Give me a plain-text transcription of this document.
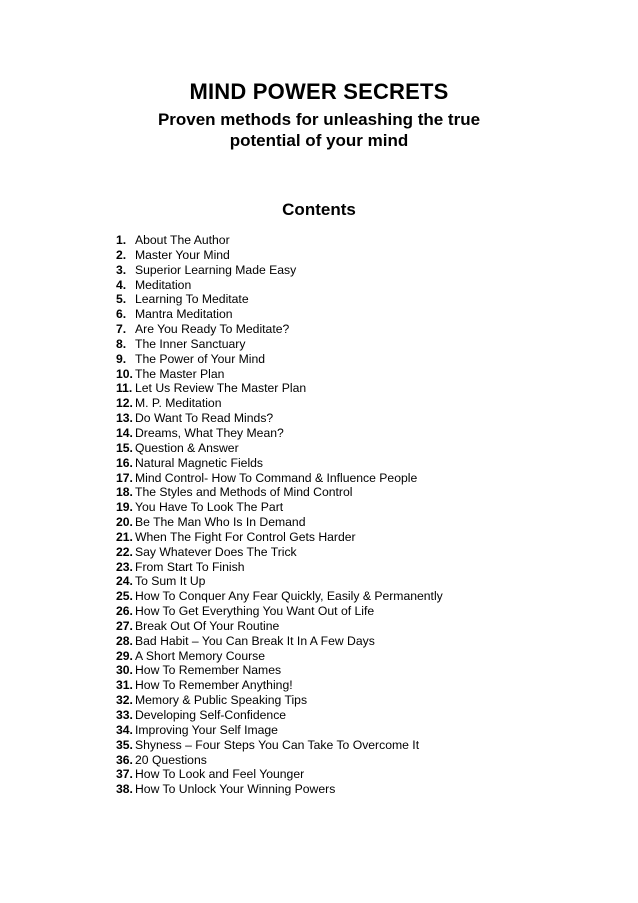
MIND POWER SECRETS
Proven methods for unleashing the true
potential of your mind
Contents
1. About The Author
2. Master Your Mind
3. Superior Learning Made Easy
4. Meditation
5. Learning To Meditate
6. Mantra Meditation
7. Are You Ready To Meditate?
8. The Inner Sanctuary
9. The Power of Your Mind
10. The Master Plan
11. Let Us Review The Master Plan
12. M. P. Meditation
13. Do Want To Read Minds?
14. Dreams, What They Mean?
15. Question & Answer
16. Natural Magnetic Fields
17. Mind Control- How To Command & Influence People
18. The Styles and Methods of Mind Control
19. You Have To Look The Part
20. Be The Man Who Is In Demand
21. When The Fight For Control Gets Harder
22. Say Whatever Does The Trick
23. From Start To Finish
24. To Sum It Up
25. How To Conquer Any Fear Quickly, Easily & Permanently
26. How To Get Everything You Want Out of Life
27. Break Out Of Your Routine
28. Bad Habit – You Can Break It In A Few Days
29. A Short Memory Course
30. How To Remember Names
31. How To Remember Anything!
32. Memory & Public Speaking Tips
33. Developing Self-Confidence
34. Improving Your Self Image
35. Shyness – Four Steps You Can Take To Overcome It
36. 20 Questions
37. How To Look and Feel Younger
38. How To Unlock Your Winning Powers
